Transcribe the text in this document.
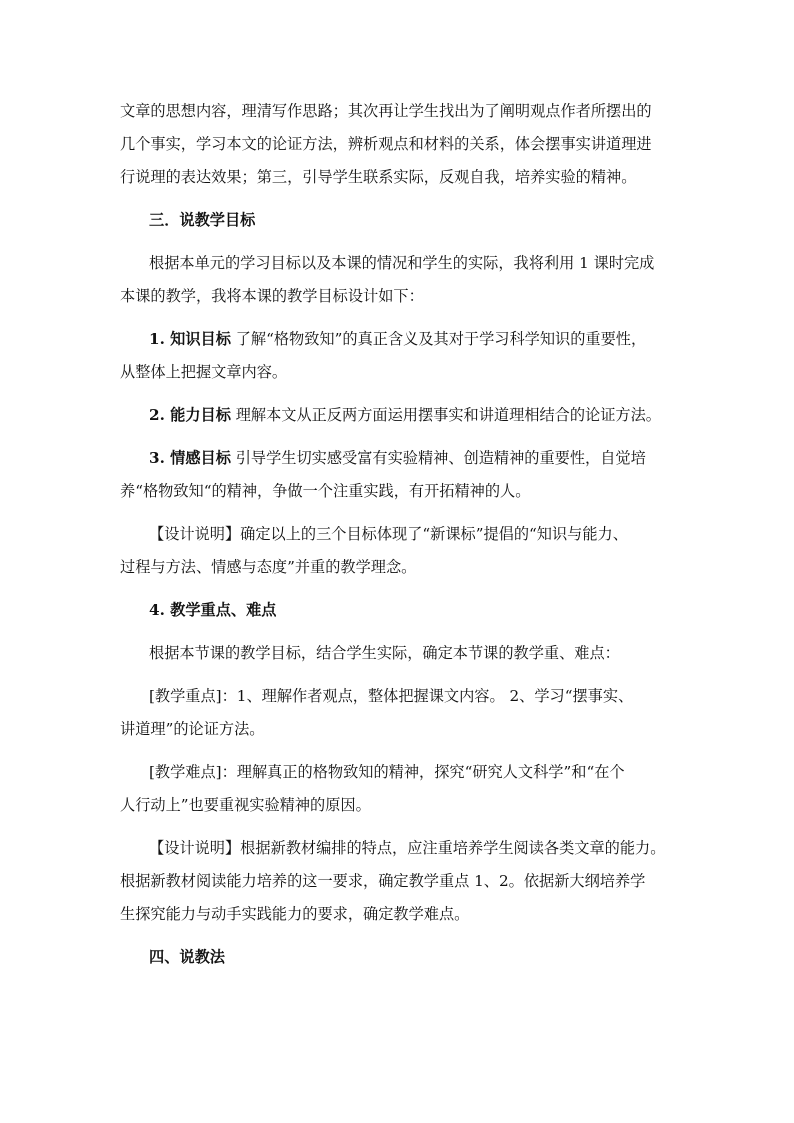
文章的思想内容，理清写作思路；其次再让学生找出为了阐明观点作者所摆出的
几个事实，学习本文的论证方法，辨析观点和材料的关系，体会摆事实讲道理进
行说理的表达效果；第三，引导学生联系实际，反观自我，培养实验的精神。
三．说教学目标
根据本单元的学习目标以及本课的情况和学生的实际，我将利用 1 课时完成
本课的教学，我将本课的教学目标设计如下：
1. 知识目标 了解“格物致知”的真正含义及其对于学习科学知识的重要性，
从整体上把握文章内容。
2. 能力目标 理解本文从正反两方面运用摆事实和讲道理相结合的论证方法。
3. 情感目标 引导学生切实感受富有实验精神、创造精神的重要性，自觉培
养“格物致知“的精神，争做一个注重实践，有开拓精神的人。
【设计说明】确定以上的三个目标体现了“新课标”提倡的“知识与能力、
过程与方法、情感与态度”并重的教学理念。
4. 教学重点、难点
根据本节课的教学目标，结合学生实际，确定本节课的教学重、难点：
[教学重点]：1、理解作者观点，整体把握课文内容。 2、学习“摆事实、
讲道理”的论证方法。
[教学难点]：理解真正的格物致知的精神，探究“研究人文科学”和“在个
人行动上”也要重视实验精神的原因。
【设计说明】根据新教材编排的特点，应注重培养学生阅读各类文章的能力。
根据新教材阅读能力培养的这一要求，确定教学重点 1、2。依据新大纲培养学
生探究能力与动手实践能力的要求，确定教学难点。
四、说教法
